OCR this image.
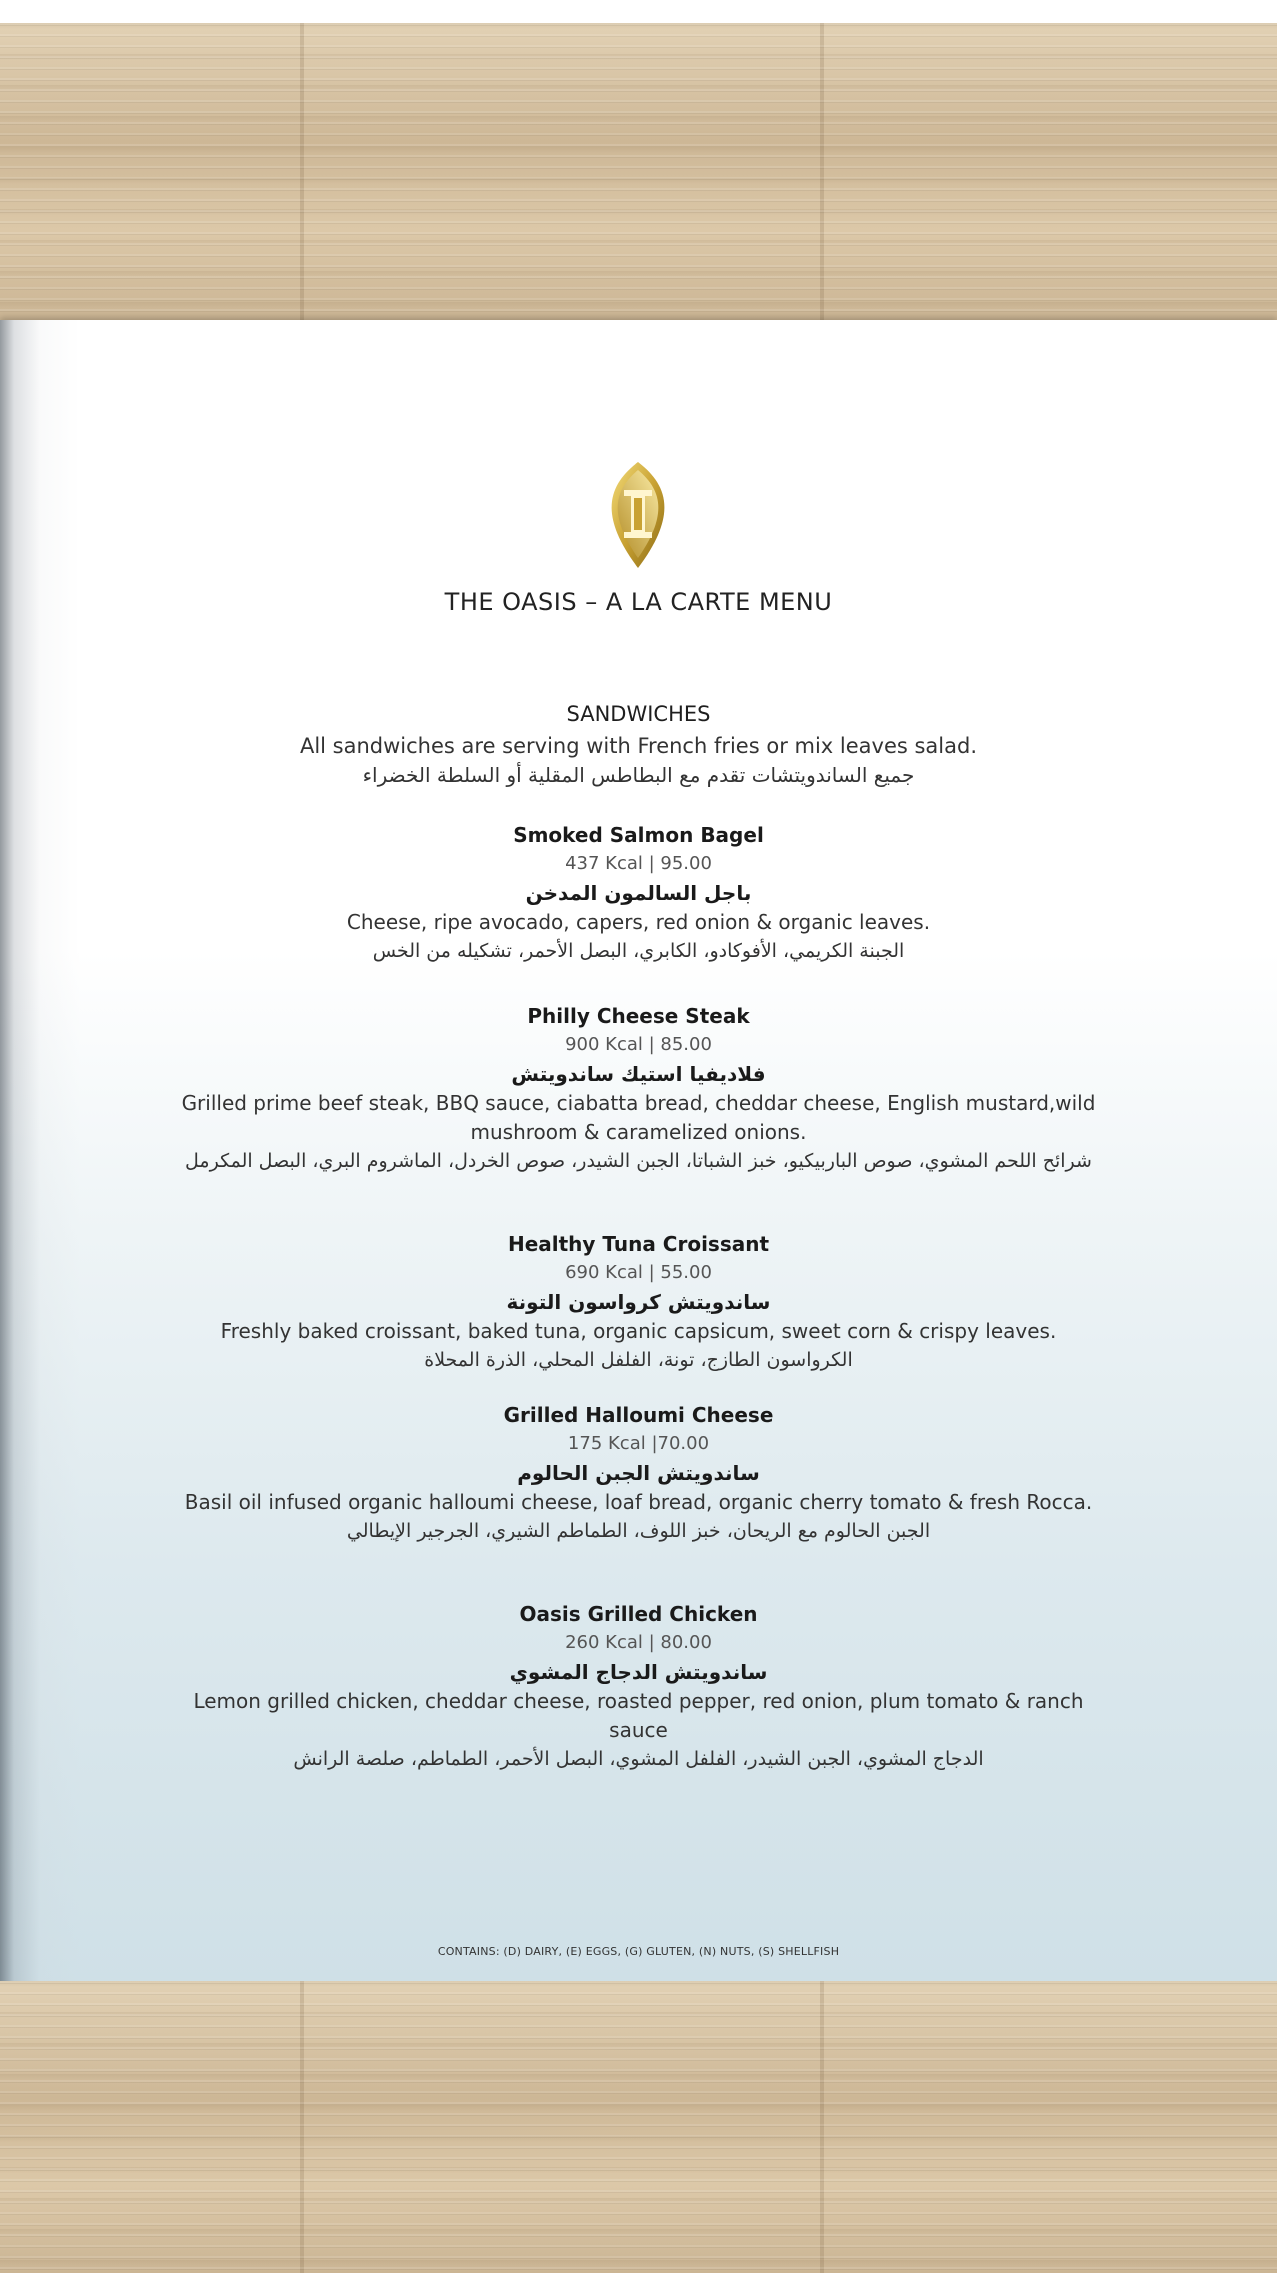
THE OASIS – A LA CARTE MENU
SANDWICHES
All sandwiches are serving with French fries or mix leaves salad.
جميع الساندويتشات تقدم مع البطاطس المقلية أو السلطة الخضراء
Smoked Salmon Bagel
437 Kcal | 95.00
باجل السالمون المدخن
Cheese, ripe avocado, capers, red onion & organic leaves.
الجبنة الكريمي، الأفوكادو، الكابري، البصل الأحمر، تشكيله من الخس
Philly Cheese Steak
900 Kcal | 85.00
فلاديفيا استيك ساندويتش
Grilled prime beef steak, BBQ sauce, ciabatta bread, cheddar cheese, English mustard,wild mushroom & caramelized onions.
شرائح اللحم المشوي، صوص الباربيكيو، خبز الشباتا، الجبن الشيدر، صوص الخردل، الماشروم البري، البصل المكرمل
Healthy Tuna Croissant
690 Kcal | 55.00
ساندويتش كرواسون التونة
Freshly baked croissant, baked tuna, organic capsicum, sweet corn & crispy leaves.
الكرواسون الطازج، تونة، الفلفل المحلي، الذرة المحلاة
Grilled Halloumi Cheese
175 Kcal |70.00
ساندويتش الجبن الحالوم
Basil oil infused organic halloumi cheese, loaf bread, organic cherry tomato & fresh Rocca.
الجبن الحالوم مع الريحان، خبز اللوف، الطماطم الشيري، الجرجير الإيطالي
Oasis Grilled Chicken
260 Kcal | 80.00
ساندويتش الدجاج المشوي
Lemon grilled chicken, cheddar cheese, roasted pepper, red onion, plum tomato & ranch sauce
الدجاج المشوي، الجبن الشيدر، الفلفل المشوي، البصل الأحمر، الطماطم، صلصة الرانش
CONTAINS: (D) DAIRY, (E) EGGS, (G) GLUTEN, (N) NUTS, (S) SHELLFISH
